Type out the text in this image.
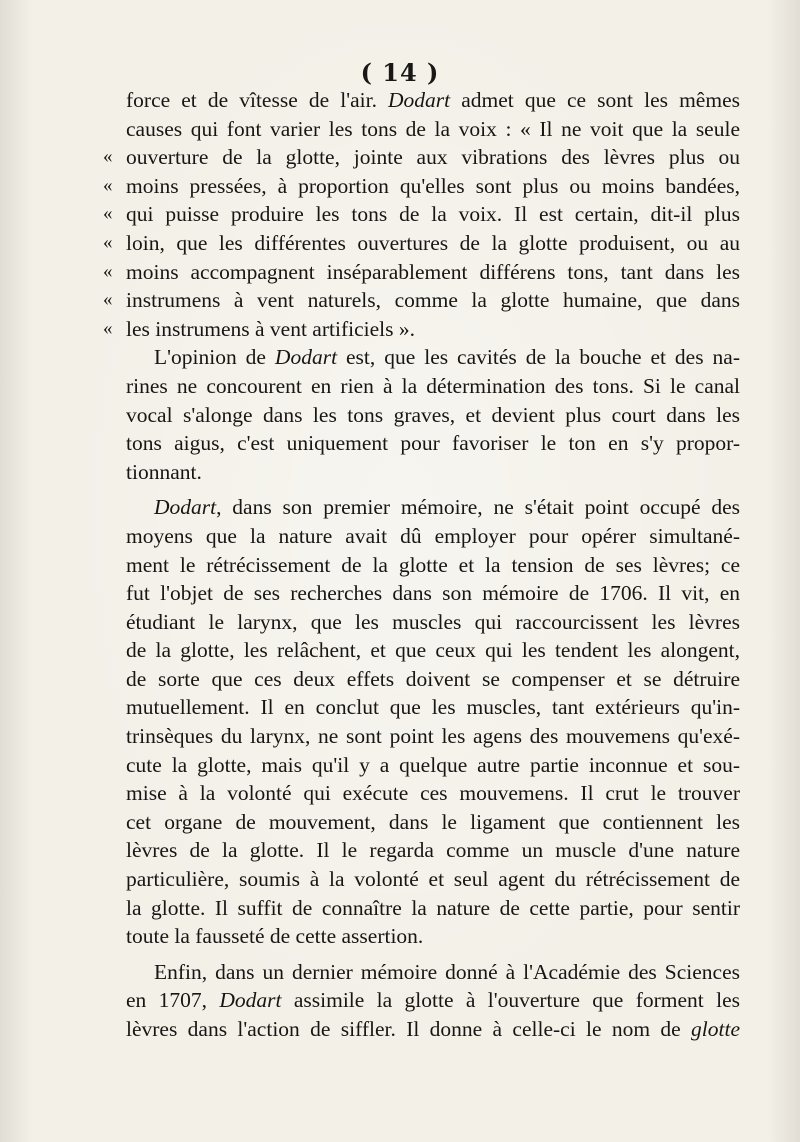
( 14 )
force et de vîtesse de l'air. Dodart admet que ce sont les mêmes
causes qui font varier les tons de la voix : « Il ne voit que la seule
« ouverture de la glotte, jointe aux vibrations des lèvres plus ou
« moins pressées, à proportion qu'elles sont plus ou moins bandées,
« qui puisse produire les tons de la voix. Il est certain, dit-il plus
« loin, que les différentes ouvertures de la glotte produisent, ou au
« moins accompagnent inséparablement différens tons, tant dans les
« instrumens à vent naturels, comme la glotte humaine, que dans
« les instrumens à vent artificiels ».
L'opinion de Dodart est, que les cavités de la bouche et des na-
rines ne concourent en rien à la détermination des tons. Si le canal
vocal s'alonge dans les tons graves, et devient plus court dans les
tons aigus, c'est uniquement pour favoriser le ton en s'y propor-
tionnant.
Dodart, dans son premier mémoire, ne s'était point occupé des
moyens que la nature avait dû employer pour opérer simultané-
ment le rétrécissement de la glotte et la tension de ses lèvres; ce
fut l'objet de ses recherches dans son mémoire de 1706. Il vit, en
étudiant le larynx, que les muscles qui raccourcissent les lèvres
de la glotte, les relâchent, et que ceux qui les tendent les alongent,
de sorte que ces deux effets doivent se compenser et se détruire
mutuellement. Il en conclut que les muscles, tant extérieurs qu'in-
trinsèques du larynx, ne sont point les agens des mouvemens qu'exé-
cute la glotte, mais qu'il y a quelque autre partie inconnue et sou-
mise à la volonté qui exécute ces mouvemens. Il crut le trouver
cet organe de mouvement, dans le ligament que contiennent les
lèvres de la glotte. Il le regarda comme un muscle d'une nature
particulière, soumis à la volonté et seul agent du rétrécissement de
la glotte. Il suffit de connaître la nature de cette partie, pour sentir
toute la fausseté de cette assertion.
Enfin, dans un dernier mémoire donné à l'Académie des Sciences
en 1707, Dodart assimile la glotte à l'ouverture que forment les
lèvres dans l'action de siffler. Il donne à celle-ci le nom de glotte
